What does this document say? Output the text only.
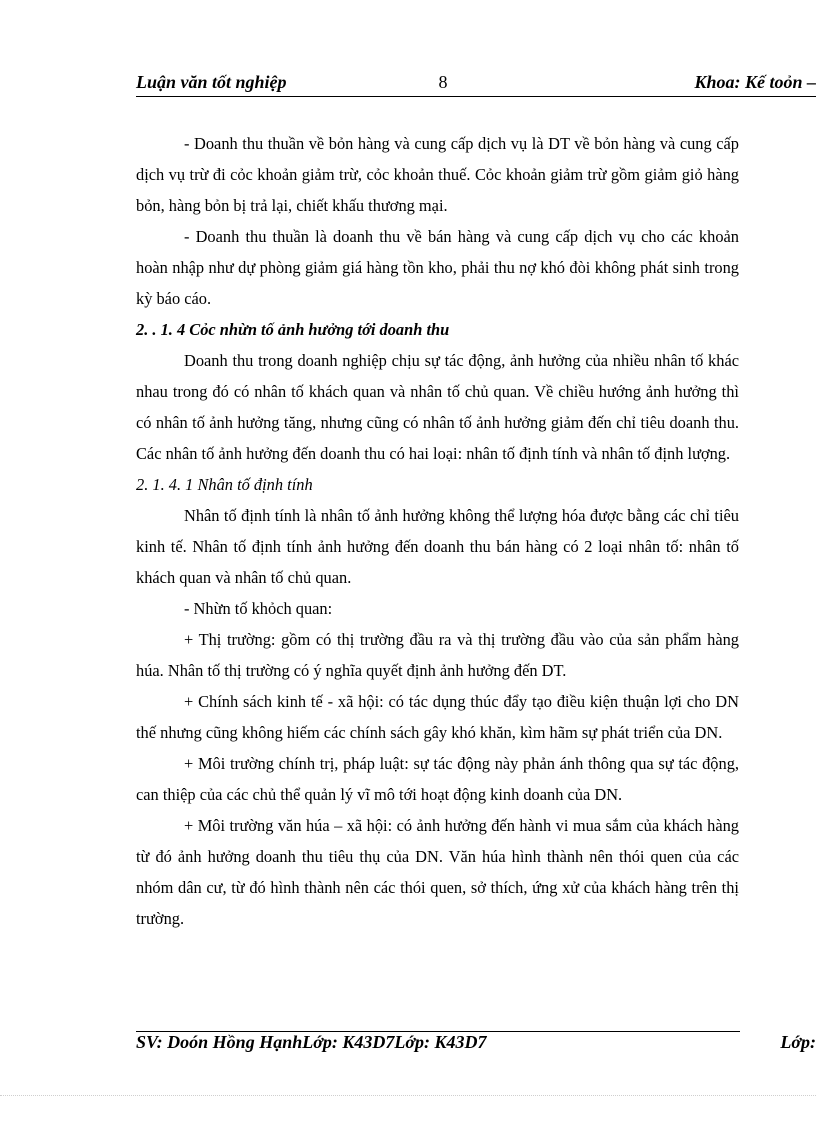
Luận văn tốt nghiệp	8	Khoa: Kế toỏn –

- Doanh thu thuần về bỏn hàng và cung cấp dịch vụ là DT về bỏn hàng và cung cấp dịch vụ trừ đi cỏc khoản giảm trừ, cỏc khoản thuế. Cỏc khoản giảm trừ gồm giảm giỏ hàng bỏn, hàng bỏn bị trả lại, chiết khấu thương mại.

- Doanh thu thuần là doanh thu về bán hàng và cung cấp dịch vụ cho các khoản hoàn nhập như dự phòng giảm giá hàng tồn kho, phải thu nợ khó đòi không phát sinh trong kỳ báo cáo.

2. . 1. 4 Cỏc nhừn tố ảnh hưởng tới doanh thu

Doanh thu trong doanh nghiệp chịu sự tác động, ảnh hưởng của nhiều nhân tố khác nhau trong đó có nhân tố khách quan và nhân tố chủ quan. Về chiều hướng ảnh hưởng thì có nhân tố ảnh hưởng tăng, nhưng cũng có nhân tố ảnh hưởng giảm đến chỉ tiêu doanh thu. Các nhân tố ảnh hưởng đến doanh thu có hai loại: nhân tố định tính và nhân tố định lượng.

2. 1. 4. 1 Nhân tố định tính

Nhân tố định tính là nhân tố ảnh hưởng không thể lượng hóa được bằng các chỉ tiêu kinh tế. Nhân tố định tính ảnh hưởng đến doanh thu bán hàng có 2 loại nhân tố: nhân tố khách quan và nhân tố chủ quan.

- Nhừn tố khỏch quan:

+ Thị trường: gồm có thị trường đầu ra và thị trường đầu vào của sản phẩm hàng húa. Nhân tố thị trường có ý nghĩa quyết định ảnh hưởng đến DT.

+ Chính sách kinh tế - xã hội: có tác dụng thúc đẩy tạo điều kiện thuận lợi cho DN thế nhưng cũng không hiếm các chính sách gây khó khăn, kìm hãm sự phát triển của DN.

+ Môi trường chính trị, pháp luật: sự tác động này phản ánh thông qua sự tác động, can thiệp của các chủ thể quản lý vĩ mô tới hoạt động kinh doanh của DN.

+ Môi trường văn húa – xã hội: có ảnh hưởng đến hành vi mua sắm của khách hàng từ đó ảnh hưởng doanh thu tiêu thụ của DN. Văn húa hình thành nên thói quen của các nhóm dân cư, từ đó hình thành nên các thói quen, sở thích, ứng xử của khách hàng trên thị trường.

SV: Doón Hồng HạnhLớp: K43D7Lớp: K43D7	Lớp:
